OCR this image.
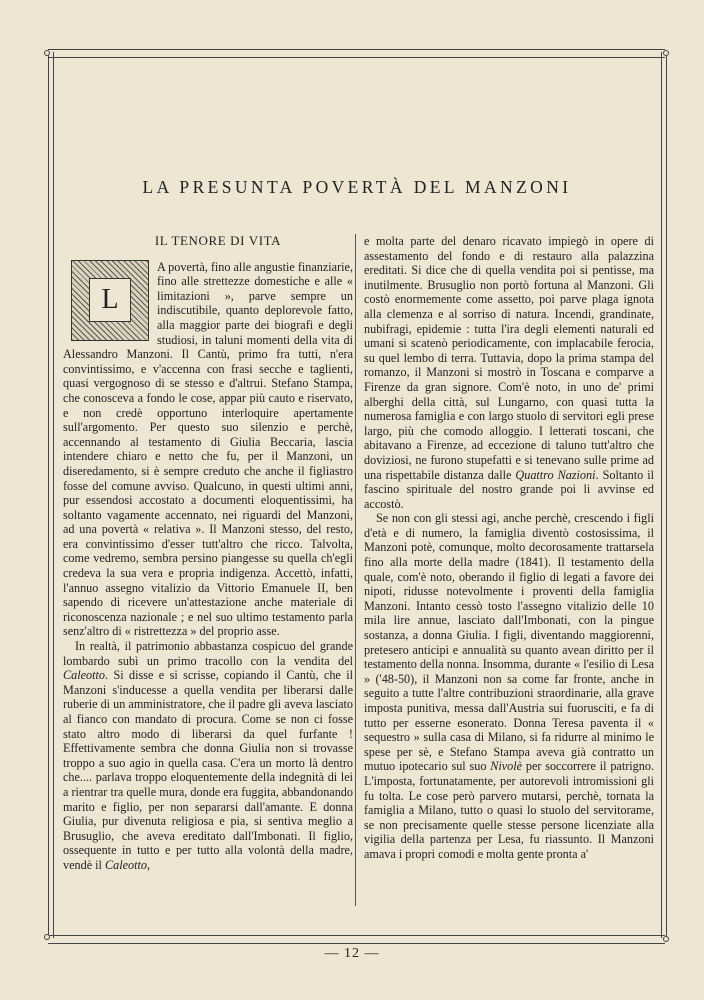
LA PRESUNTA POVERTÀ DEL MANZONI
IL TENORE DI VITA
L

A povertà, fino alle angustie finanziarie, fino alle strettezze domestiche e alle « limitazioni », parve sempre un indiscutibile, quanto deplorevole fatto, alla maggior parte dei biografi e degli studiosi, in taluni momenti della vita di Alessandro Manzoni. Il Cantù, primo fra tutti, n'era convintissimo, e v'accenna con frasi secche e taglienti, quasi vergognoso di se stesso e d'altrui. Stefano Stampa, che conosceva a fondo le cose, appar più cauto e riservato, e non credè opportuno interloquire apertamente sull'argomento. Per questo suo silenzio e perchè, accennando al testamento di Giulia Beccaria, lascia intendere chiaro e netto che fu, per il Manzoni, un diseredamento, si è sempre creduto che anche il figliastro fosse del comune avviso. Qualcuno, in questi ultimi anni, pur essendosi accostato a documenti eloquentissimi, ha soltanto vagamente accennato, nei riguardi del Manzoni, ad una povertà « relativa ». Il Manzoni stesso, del resto, era convintissimo d'esser tutt'altro che ricco. Talvolta, come vedremo, sembra persino piangesse su quella ch'egli credeva la sua vera e propria indigenza. Accettò, infatti, l'annuo assegno vitalizio da Vittorio Emanuele II, ben sapendo di ricevere un'attestazione anche materiale di riconoscenza nazionale ; e nel suo ultimo testamento parla senz'altro di « ristrettezza » del proprio asse.

In realtà, il patrimonio abbastanza cospicuo del grande lombardo subì un primo tracollo con la vendita del Caleotto. Si disse e si scrisse, copiando il Cantù, che il Manzoni s'inducesse a quella vendita per liberarsi dalle ruberie di un amministratore, che il padre gli aveva lasciato al fianco con mandato di procura. Come se non ci fosse stato altro modo di liberarsi da quel furfante ! Effettivamente sembra che donna Giulia non si trovasse troppo a suo agio in quella casa. C'era un morto là dentro che.... parlava troppo eloquentemente della indegnità di lei a rientrar tra quelle mura, donde era fuggita, abbandonando marito e figlio, per non separarsi dall'amante. E donna Giulia, pur divenuta religiosa e pia, si sentiva meglio a Brusuglio, che aveva ereditato dall'Imbonati. Il figlio, ossequente in tutto e per tutto alla volontà della madre, vendè il Caleotto,

e molta parte del denaro ricavato impiegò in opere di assestamento del fondo e di restauro alla palazzina ereditati. Si dice che di quella vendita poi si pentisse, ma inutilmente. Brusuglio non portò fortuna al Manzoni. Gli costò enormemente come assetto, poi parve plaga ignota alla clemenza e al sorriso di natura. Incendi, grandinate, nubifragi, epidemie : tutta l'ira degli elementi naturali ed umani si scatenò periodicamente, con implacabile ferocia, su quel lembo di terra. Tuttavia, dopo la prima stampa del romanzo, il Manzoni si mostrò in Toscana e comparve a Firenze da gran signore. Com'è noto, in uno de' primi alberghi della città, sul Lungarno, con quasi tutta la numerosa famiglia e con largo stuolo di servitori egli prese largo, più che comodo alloggio. I letterati toscani, che abitavano a Firenze, ad eccezione di taluno tutt'altro che doviziosi, ne furono stupefatti e si tenevano sulle prime ad una rispettabile distanza dalle Quattro Nazioni. Soltanto il fascino spirituale del nostro grande poi li avvinse ed accostò.

Se non con gli stessi agi, anche perchè, crescendo i figli d'età e di numero, la famiglia diventò costosissima, il Manzoni potè, comunque, molto decorosamente trattarsela fino alla morte della madre (1841). Il testamento della quale, com'è noto, oberando il figlio di legati a favore dei nipoti, ridusse notevolmente i proventi della famiglia Manzoni. Intanto cessò tosto l'assegno vitalizio delle 10 mila lire annue, lasciato dall'Imbonati, con la pingue sostanza, a donna Giulia. I figli, diventando maggiorenni, pretesero anticipi e annualità su quanto avean diritto per il testamento della nonna. Insomma, durante « l'esilio di Lesa » ('48-50), il Manzoni non sa come far fronte, anche in seguito a tutte l'altre contribuzioni straordinarie, alla grave imposta punitiva, messa dall'Austria sui fuorusciti, e fa di tutto per esserne esonerato. Donna Teresa paventa il « sequestro » sulla casa di Milano, si fa ridurre al minimo le spese per sè, e Stefano Stampa aveva già contratto un mutuo ipotecario sul suo Nivolè per soccorrere il patrigno. L'imposta, fortunatamente, per autorevoli intromissioni gli fu tolta. Le cose però parvero mutarsi, perchè, tornata la famiglia a Milano, tutto o quasi lo stuolo del servitorame, se non precisamente quelle stesse persone licenziate alla vigilia della partenza per Lesa, fu riassunto. Il Manzoni amava i propri comodi e molta gente pronta a'

— 12 —
